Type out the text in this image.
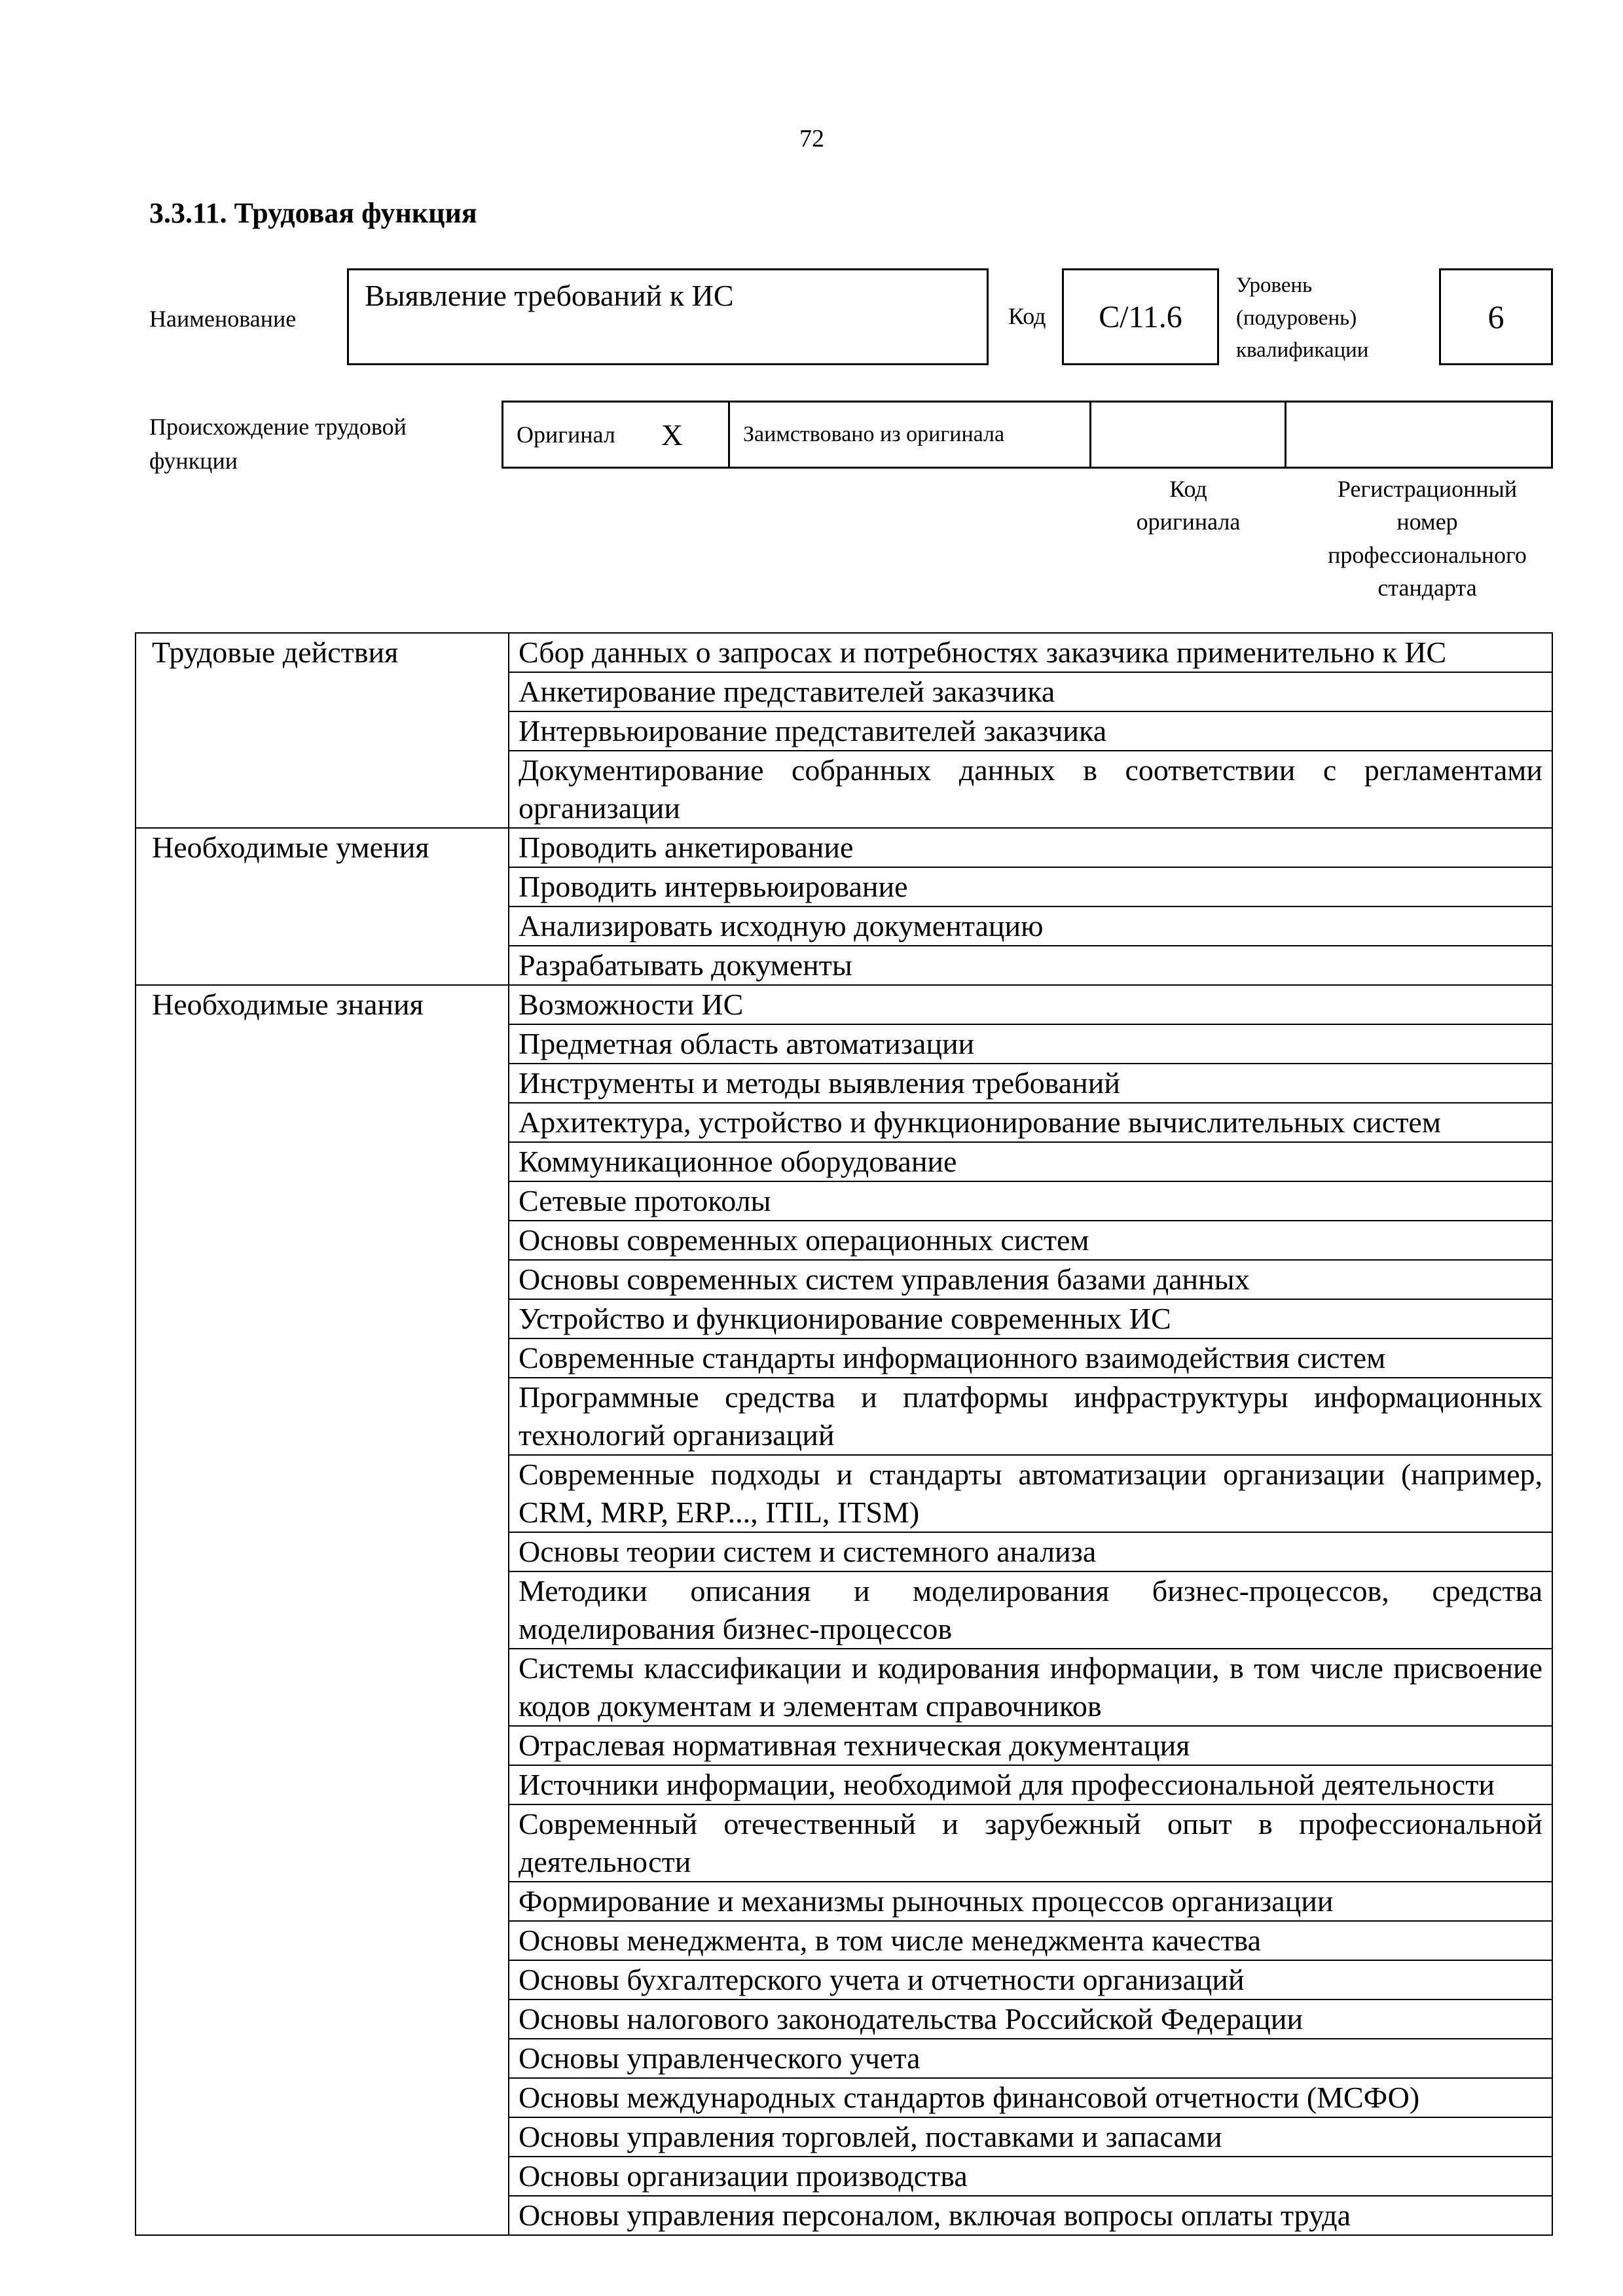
72
3.3.11. Трудовая функция
Наименование
Выявление требований к ИС
Код С/11.6
Уровень
(подуровень)
квалификации
6
Происхождение трудовой
функции
Оригинал X	Заимствовано из оригинала
Код
оригинала
Регистрационный
номер
профессионального
стандарта
Трудовые действия	Сбор данных о запросах и потребностях заказчика применительно к ИС
	Анкетирование представителей заказчика
	Интервьюирование представителей заказчика
	Документирование собранных данных в соответствии с регламентами организации
Необходимые умения	Проводить анкетирование
	Проводить интервьюирование
	Анализировать исходную документацию
	Разрабатывать документы
Необходимые знания	Возможности ИС
	Предметная область автоматизации
	Инструменты и методы выявления требований
	Архитектура, устройство и функционирование вычислительных систем
	Коммуникационное оборудование
	Сетевые протоколы
	Основы современных операционных систем
	Основы современных систем управления базами данных
	Устройство и функционирование современных ИС
	Современные стандарты информационного взаимодействия систем
	Программные средства и платформы инфраструктуры информационных технологий организаций
	Современные подходы и стандарты автоматизации организации (например, CRM, MRP, ERP..., ITIL, ITSM)
	Основы теории систем и системного анализа
	Методики описания и моделирования бизнес-процессов, средства моделирования бизнес-процессов
	Системы классификации и кодирования информации, в том числе присвоение кодов документам и элементам справочников
	Отраслевая нормативная техническая документация
	Источники информации, необходимой для профессиональной деятельности
	Современный отечественный и зарубежный опыт в профессиональной деятельности
	Формирование и механизмы рыночных процессов организации
	Основы менеджмента, в том числе менеджмента качества
	Основы бухгалтерского учета и отчетности организаций
	Основы налогового законодательства Российской Федерации
	Основы управленческого учета
	Основы международных стандартов финансовой отчетности (МСФО)
	Основы управления торговлей, поставками и запасами
	Основы организации производства
	Основы управления персоналом, включая вопросы оплаты труда
